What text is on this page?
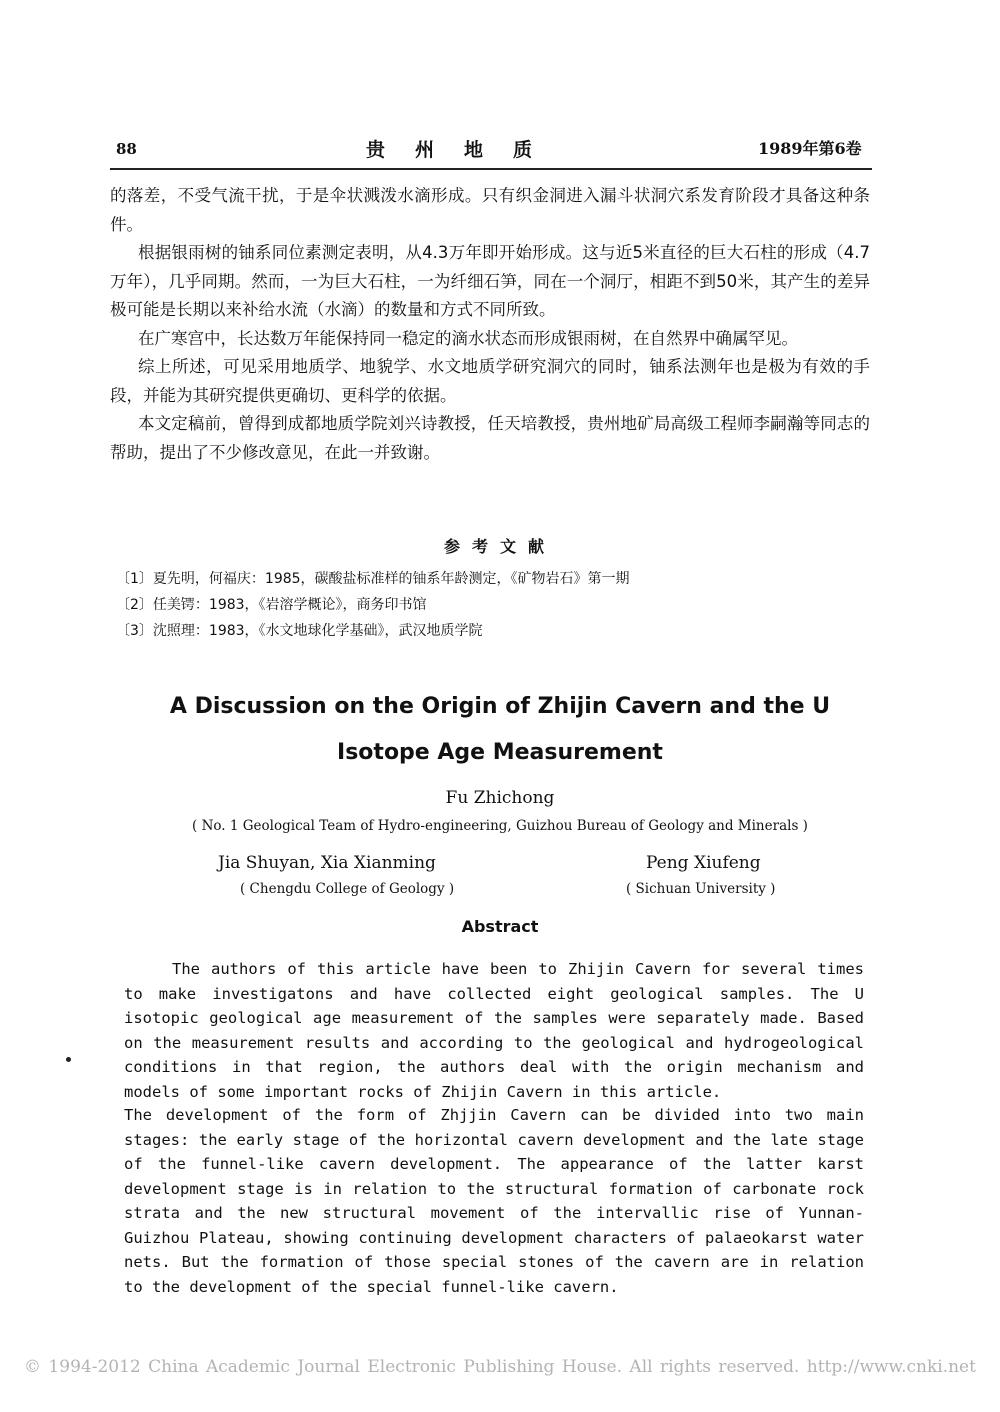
88	贵州地质	1989年第6卷

的落差，不受气流干扰，于是伞状溅泼水滴形成。只有织金洞进入漏斗状洞穴系发育阶段才具备这种条件。

根据银雨树的铀系同位素测定表明，从4.3万年即开始形成。这与近5米直径的巨大石柱的形成（4.7万年），几乎同期。然而，一为巨大石柱，一为纤细石笋，同在一个洞厅，相距不到50米，其产生的差异极可能是长期以来补给水流（水滴）的数量和方式不同所致。

在广寒宫中，长达数万年能保持同一稳定的滴水状态而形成银雨树，在自然界中确属罕见。

综上所述，可见采用地质学、地貌学、水文地质学研究洞穴的同时，铀系法测年也是极为有效的手段，并能为其研究提供更确切、更科学的依据。

本文定稿前，曾得到成都地质学院刘兴诗教授，任天培教授，贵州地矿局高级工程师李嗣瀚等同志的帮助，提出了不少修改意见，在此一并致谢。

参考文献
〔1〕夏先明，何福庆：1985，碳酸盐标准样的铀系年龄测定，《矿物岩石》第一期
〔2〕任美锷：1983，《岩溶学概论》，商务印书馆
〔3〕沈照理：1983，《水文地球化学基础》，武汉地质学院
A Discussion on the Origin of Zhijin Cavern and the U
Isotope Age Measurement
Fu Zhichong
( No. 1 Geological Team of Hydro-engineering, Guizhou Bureau of Geology and Minerals )
Jia Shuyan, Xia Xianming
( Chengdu College of Geology )
Peng Xiufeng
( Sichuan University )
Abstract

The authors of this article have been to Zhijin Cavern for several times to make investigatons and have collected eight geological samples. The U isotopic geological age measurement of the samples were separately made. Based on the measurement results and according to the geological and hydrogeological conditions in that region, the authors deal with the origin mechanism and models of some important rocks of Zhijin Cavern in this article.

The development of the form of Zhjjin Cavern can be divided into two main stages: the early stage of the horizontal cavern development and the late stage of the funnel-like cavern development. The appearance of the latter karst development stage is in relation to the structural formation of carbonate rock strata and the new structural movement of the intervallic rise of Yunnan-Guizhou Plateau, showing continuing development characters of palaeokarst water nets. But the formation of those special stones of the cavern are in relation to the development of the special funnel-like cavern.

© 1994-2012 China Academic Journal Electronic Publishing House. All rights reserved. http://www.cnki.net
